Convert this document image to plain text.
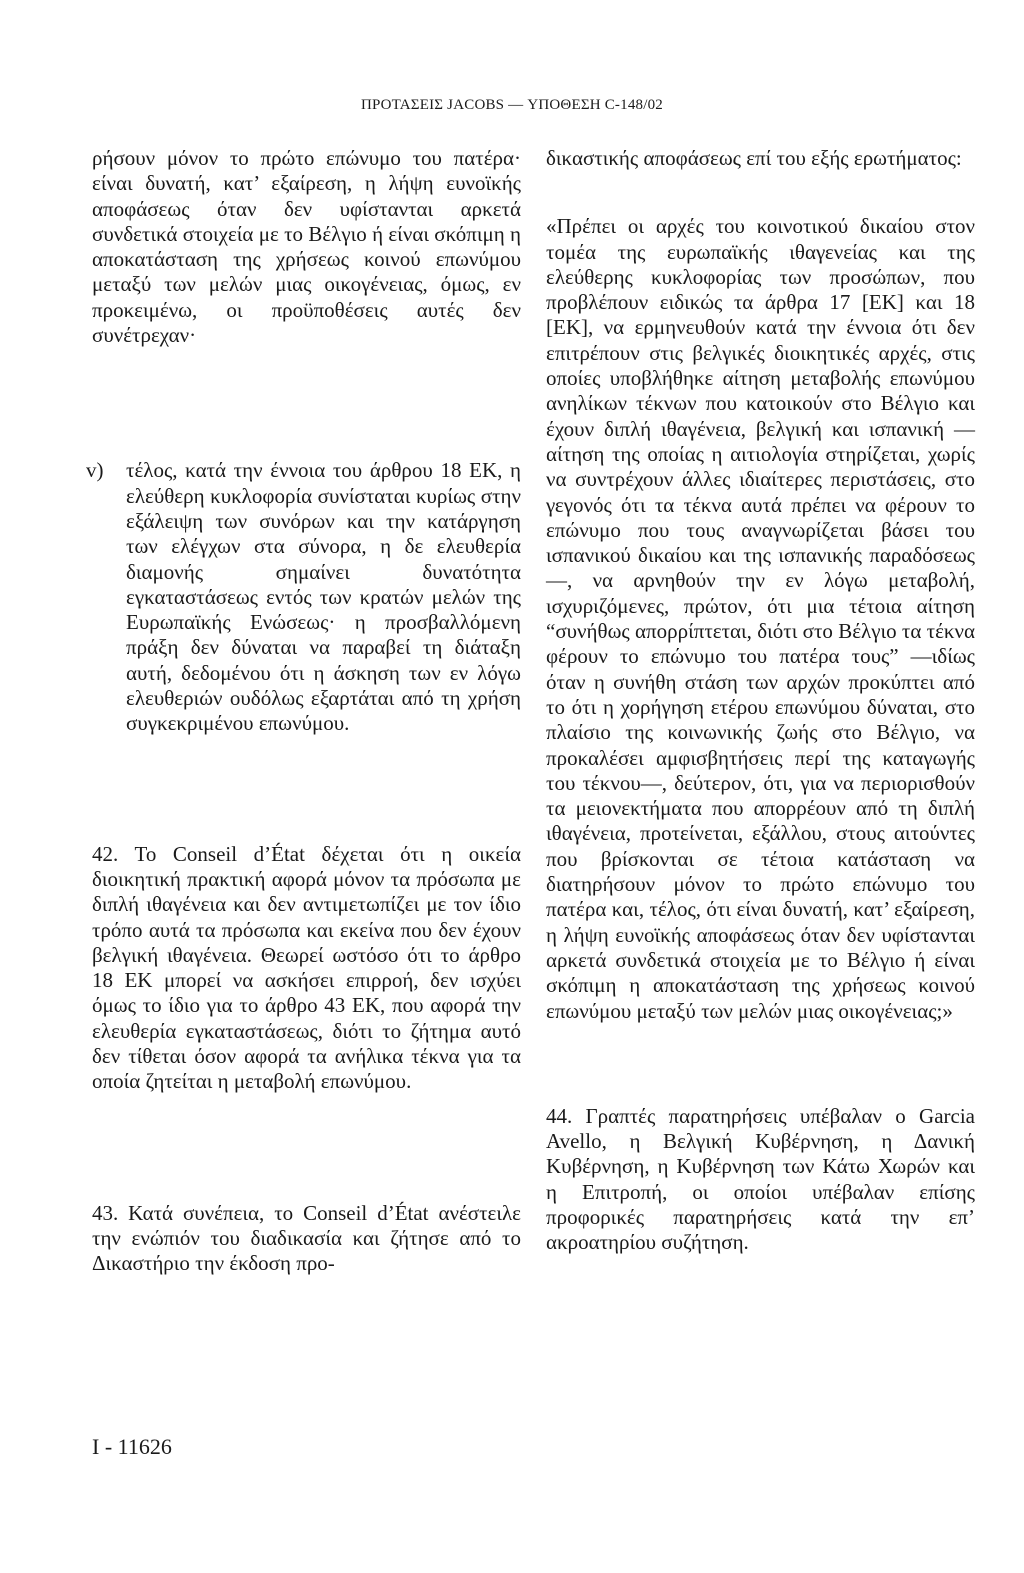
ΠΡΟΤΑΣΕΙΣ JACOBS — ΥΠΟΘΕΣΗ C-148/02

ρήσουν μόνον το πρώτο επώνυμο του πατέρα· είναι δυνατή, κατ’ εξαίρεση, η λήψη ευνοϊκής αποφάσεως όταν δεν υφίστανται αρκετά συνδετικά στοιχεία με το Βέλγιο ή είναι σκόπιμη η αποκατάσταση της χρήσεως κοινού επωνύμου μεταξύ των μελών μιας οικογένειας, όμως, εν προκειμένω, οι προϋποθέσεις αυτές δεν συνέτρεχαν·

v)	τέλος, κατά την έννοια του άρθρου 18 ΕΚ, η ελεύθερη κυκλοφορία συνίσταται κυρίως στην εξάλειψη των συνόρων και την κατάργηση των ελέγχων στα σύνορα, η δε ελευθερία διαμονής σημαίνει δυνατότητα εγκαταστάσεως εντός των κρατών μελών της Ευρωπαϊκής Ενώσεως· η προσβαλλόμενη πράξη δεν δύναται να παραβεί τη διάταξη αυτή, δεδομένου ότι η άσκηση των εν λόγω ελευθεριών ουδόλως εξαρτάται από τη χρήση συγκεκριμένου επωνύμου.

42. Το Conseil d’État δέχεται ότι η οικεία διοικητική πρακτική αφορά μόνον τα πρόσωπα με διπλή ιθαγένεια και δεν αντιμετωπίζει με τον ίδιο τρόπο αυτά τα πρόσωπα και εκείνα που δεν έχουν βελγική ιθαγένεια. Θεωρεί ωστόσο ότι το άρθρο 18 ΕΚ μπορεί να ασκήσει επιρροή, δεν ισχύει όμως το ίδιο για το άρθρο 43 ΕΚ, που αφορά την ελευθερία εγκαταστάσεως, διότι το ζήτημα αυτό δεν τίθεται όσον αφορά τα ανήλικα τέκνα για τα οποία ζητείται η μεταβολή επωνύμου.

43. Κατά συνέπεια, το Conseil d’État ανέστειλε την ενώπιόν του διαδικασία και ζήτησε από το Δικαστήριο την έκδοση προ-

δικαστικής αποφάσεως επί του εξής ερωτήματος:

«Πρέπει οι αρχές του κοινοτικού δικαίου στον τομέα της ευρωπαϊκής ιθαγενείας και της ελεύθερης κυκλοφορίας των προσώπων, που προβλέπουν ειδικώς τα άρθρα 17 [ΕΚ] και 18 [ΕΚ], να ερμηνευθούν κατά την έννοια ότι δεν επιτρέπουν στις βελγικές διοικητικές αρχές, στις οποίες υποβλήθηκε αίτηση μεταβολής επωνύμου ανηλίκων τέκνων που κατοικούν στο Βέλγιο και έχουν διπλή ιθαγένεια, βελγική και ισπανική —αίτηση της οποίας η αιτιολογία στηρίζεται, χωρίς να συντρέχουν άλλες ιδιαίτερες περιστάσεις, στο γεγονός ότι τα τέκνα αυτά πρέπει να φέρουν το επώνυμο που τους αναγνωρίζεται βάσει του ισπανικού δικαίου και της ισπανικής παραδόσεως—, να αρνηθούν την εν λόγω μεταβολή, ισχυριζόμενες, πρώτον, ότι μια τέτοια αίτηση “συνήθως απορρίπτεται, διότι στο Βέλγιο τα τέκνα φέρουν το επώνυμο του πατέρα τους” —ιδίως όταν η συνήθη στάση των αρχών προκύπτει από το ότι η χορήγηση ετέρου επωνύμου δύναται, στο πλαίσιο της κοινωνικής ζωής στο Βέλγιο, να προκαλέσει αμφισβητήσεις περί της καταγωγής του τέκνου—, δεύτερον, ότι, για να περιορισθούν τα μειονεκτήματα που απορρέουν από τη διπλή ιθαγένεια, προτείνεται, εξάλλου, στους αιτούντες που βρίσκονται σε τέτοια κατάσταση να διατηρήσουν μόνον το πρώτο επώνυμο του πατέρα και, τέλος, ότι είναι δυνατή, κατ’ εξαίρεση, η λήψη ευνοϊκής αποφάσεως όταν δεν υφίστανται αρκετά συνδετικά στοιχεία με το Βέλγιο ή είναι σκόπιμη η αποκατάσταση της χρήσεως κοινού επωνύμου μεταξύ των μελών μιας οικογένειας;»

44. Γραπτές παρατηρήσεις υπέβαλαν ο Garcia Avello, η Βελγική Κυβέρνηση, η Δανική Κυβέρνηση, η Κυβέρνηση των Κάτω Χωρών και η Επιτροπή, οι οποίοι υπέβαλαν επίσης προφορικές παρατηρήσεις κατά την επ’ ακροατηρίου συζήτηση.

I - 11626
